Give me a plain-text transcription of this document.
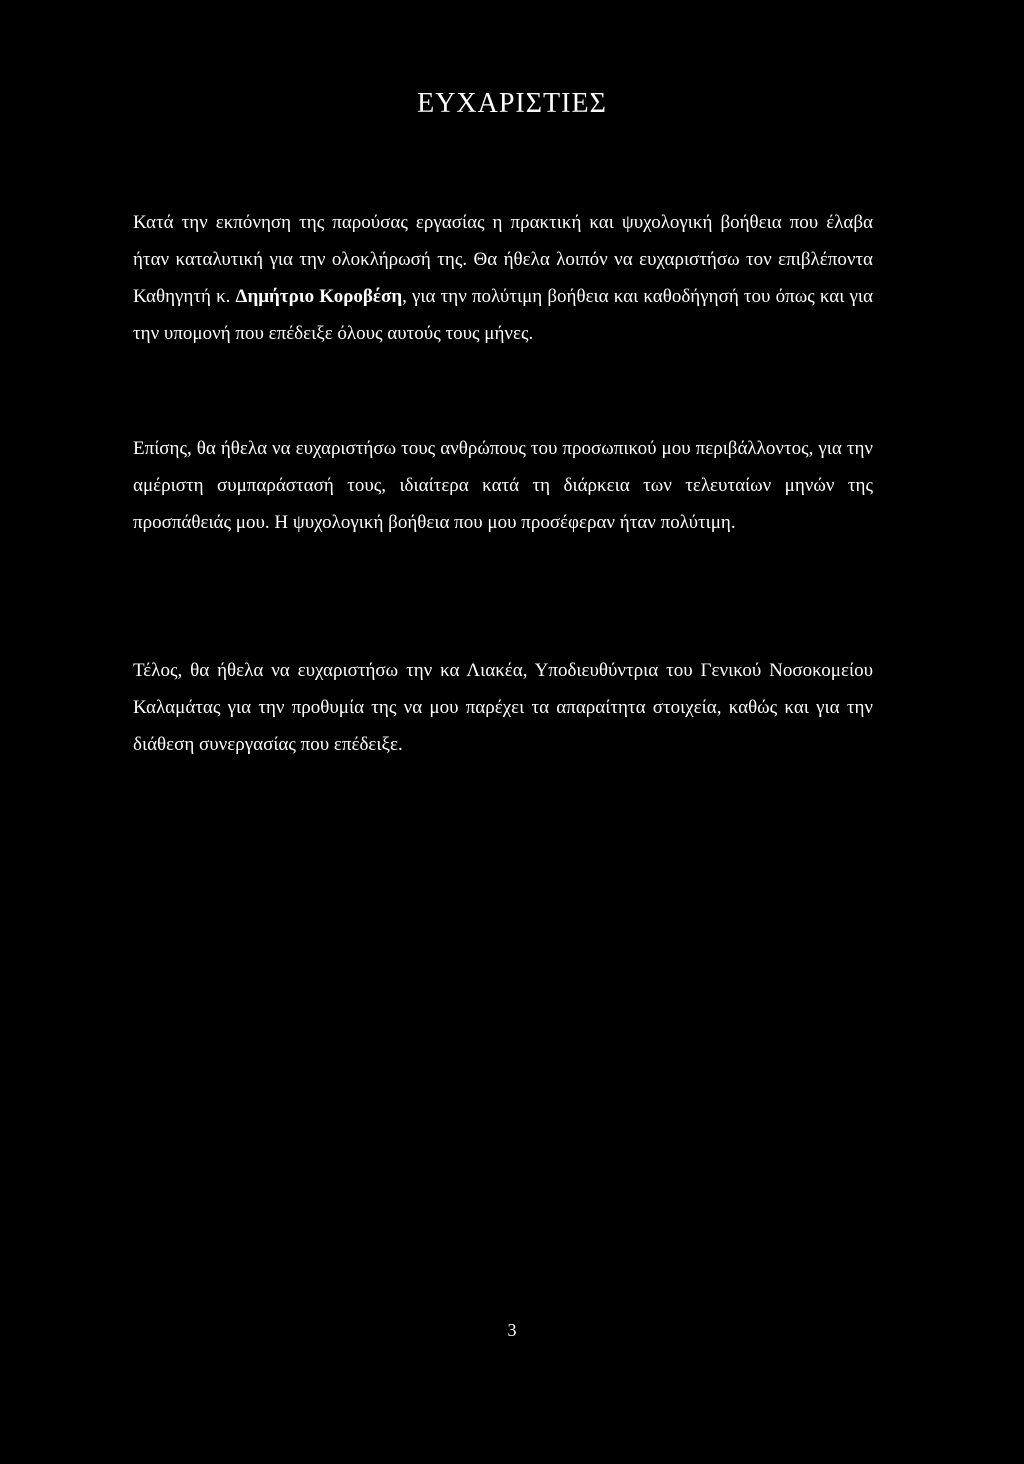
ΕΥΧΑΡΙΣΤΙΕΣ

Κατά την εκπόνηση της παρούσας εργασίας η πρακτική και ψυχολογική βοήθεια που έλαβα ήταν καταλυτική για την ολοκλήρωσή της. Θα ήθελα λοιπόν να ευχαριστήσω τον επιβλέποντα Καθηγητή κ. Δημήτριο Κοροβέση, για την πολύτιμη βοήθεια και καθοδήγησή του όπως και για την υπομονή που επέδειξε όλους αυτούς τους μήνες.

Επίσης, θα ήθελα να ευχαριστήσω τους ανθρώπους του προσωπικού μου περιβάλλοντος, για την αμέριστη συμπαράστασή τους, ιδιαίτερα κατά τη διάρκεια των τελευταίων μηνών της προσπάθειάς μου. Η ψυχολογική βοήθεια που μου προσέφεραν ήταν πολύτιμη.

Τέλος, θα ήθελα να ευχαριστήσω την κα Λιακέα, Υποδιευθύντρια του Γενικού Νοσοκομείου Καλαμάτας για την προθυμία της να μου παρέχει τα απαραίτητα στοιχεία, καθώς και για την διάθεση συνεργασίας που επέδειξε.

3
